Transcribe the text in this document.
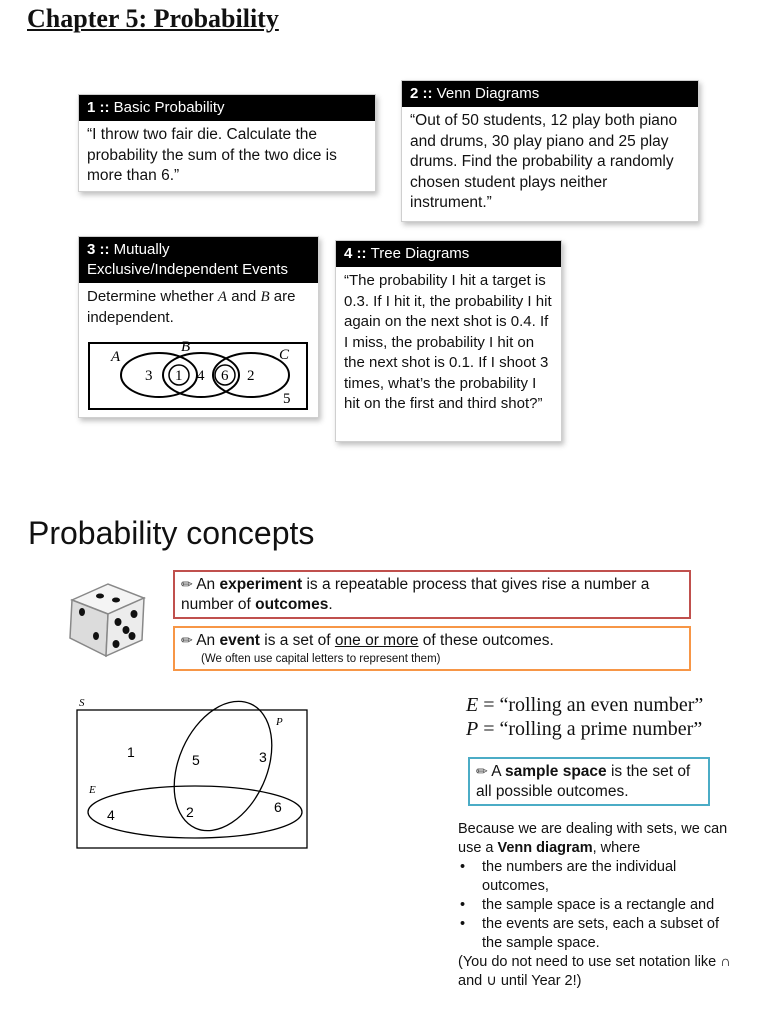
Chapter 5: Probability
1 :: Basic Probability
“I throw two fair die. Calculate the probability the sum of the two dice is more than 6.”
2 :: Venn Diagrams
“Out of 50 students, 12 play both piano and drums, 30 play piano and 25 play drums. Find the probability a randomly chosen student plays neither instrument.”
3 :: Mutually Exclusive/Independent Events
Determine whether A and B are independent.
A
B	C
3 1 4 6 2
5
4 :: Tree Diagrams
“The probability I hit a target is 0.3. If I hit it, the probability I hit again on the next shot is 0.4. If I miss, the probability I hit on the next shot is 0.1. If I shoot 3 times, what’s the probability I hit on the first and third shot?”
Probability concepts
✏ An experiment is a repeatable process that gives rise a number a number of outcomes.
✏ An event is a set of one or more of these outcomes.
(We often use capital letters to represent them)
S
P
E
1	5	3
4	2	6
E = “rolling an even number”
P = “rolling a prime number”
✏ A sample space is the set of all possible outcomes.
Because we are dealing with sets, we can use a Venn diagram, where
• the numbers are the individual outcomes,
• the sample space is a rectangle and
• the events are sets, each a subset of the sample space.
(You do not need to use set notation like ∩ and ∪ until Year 2!)
